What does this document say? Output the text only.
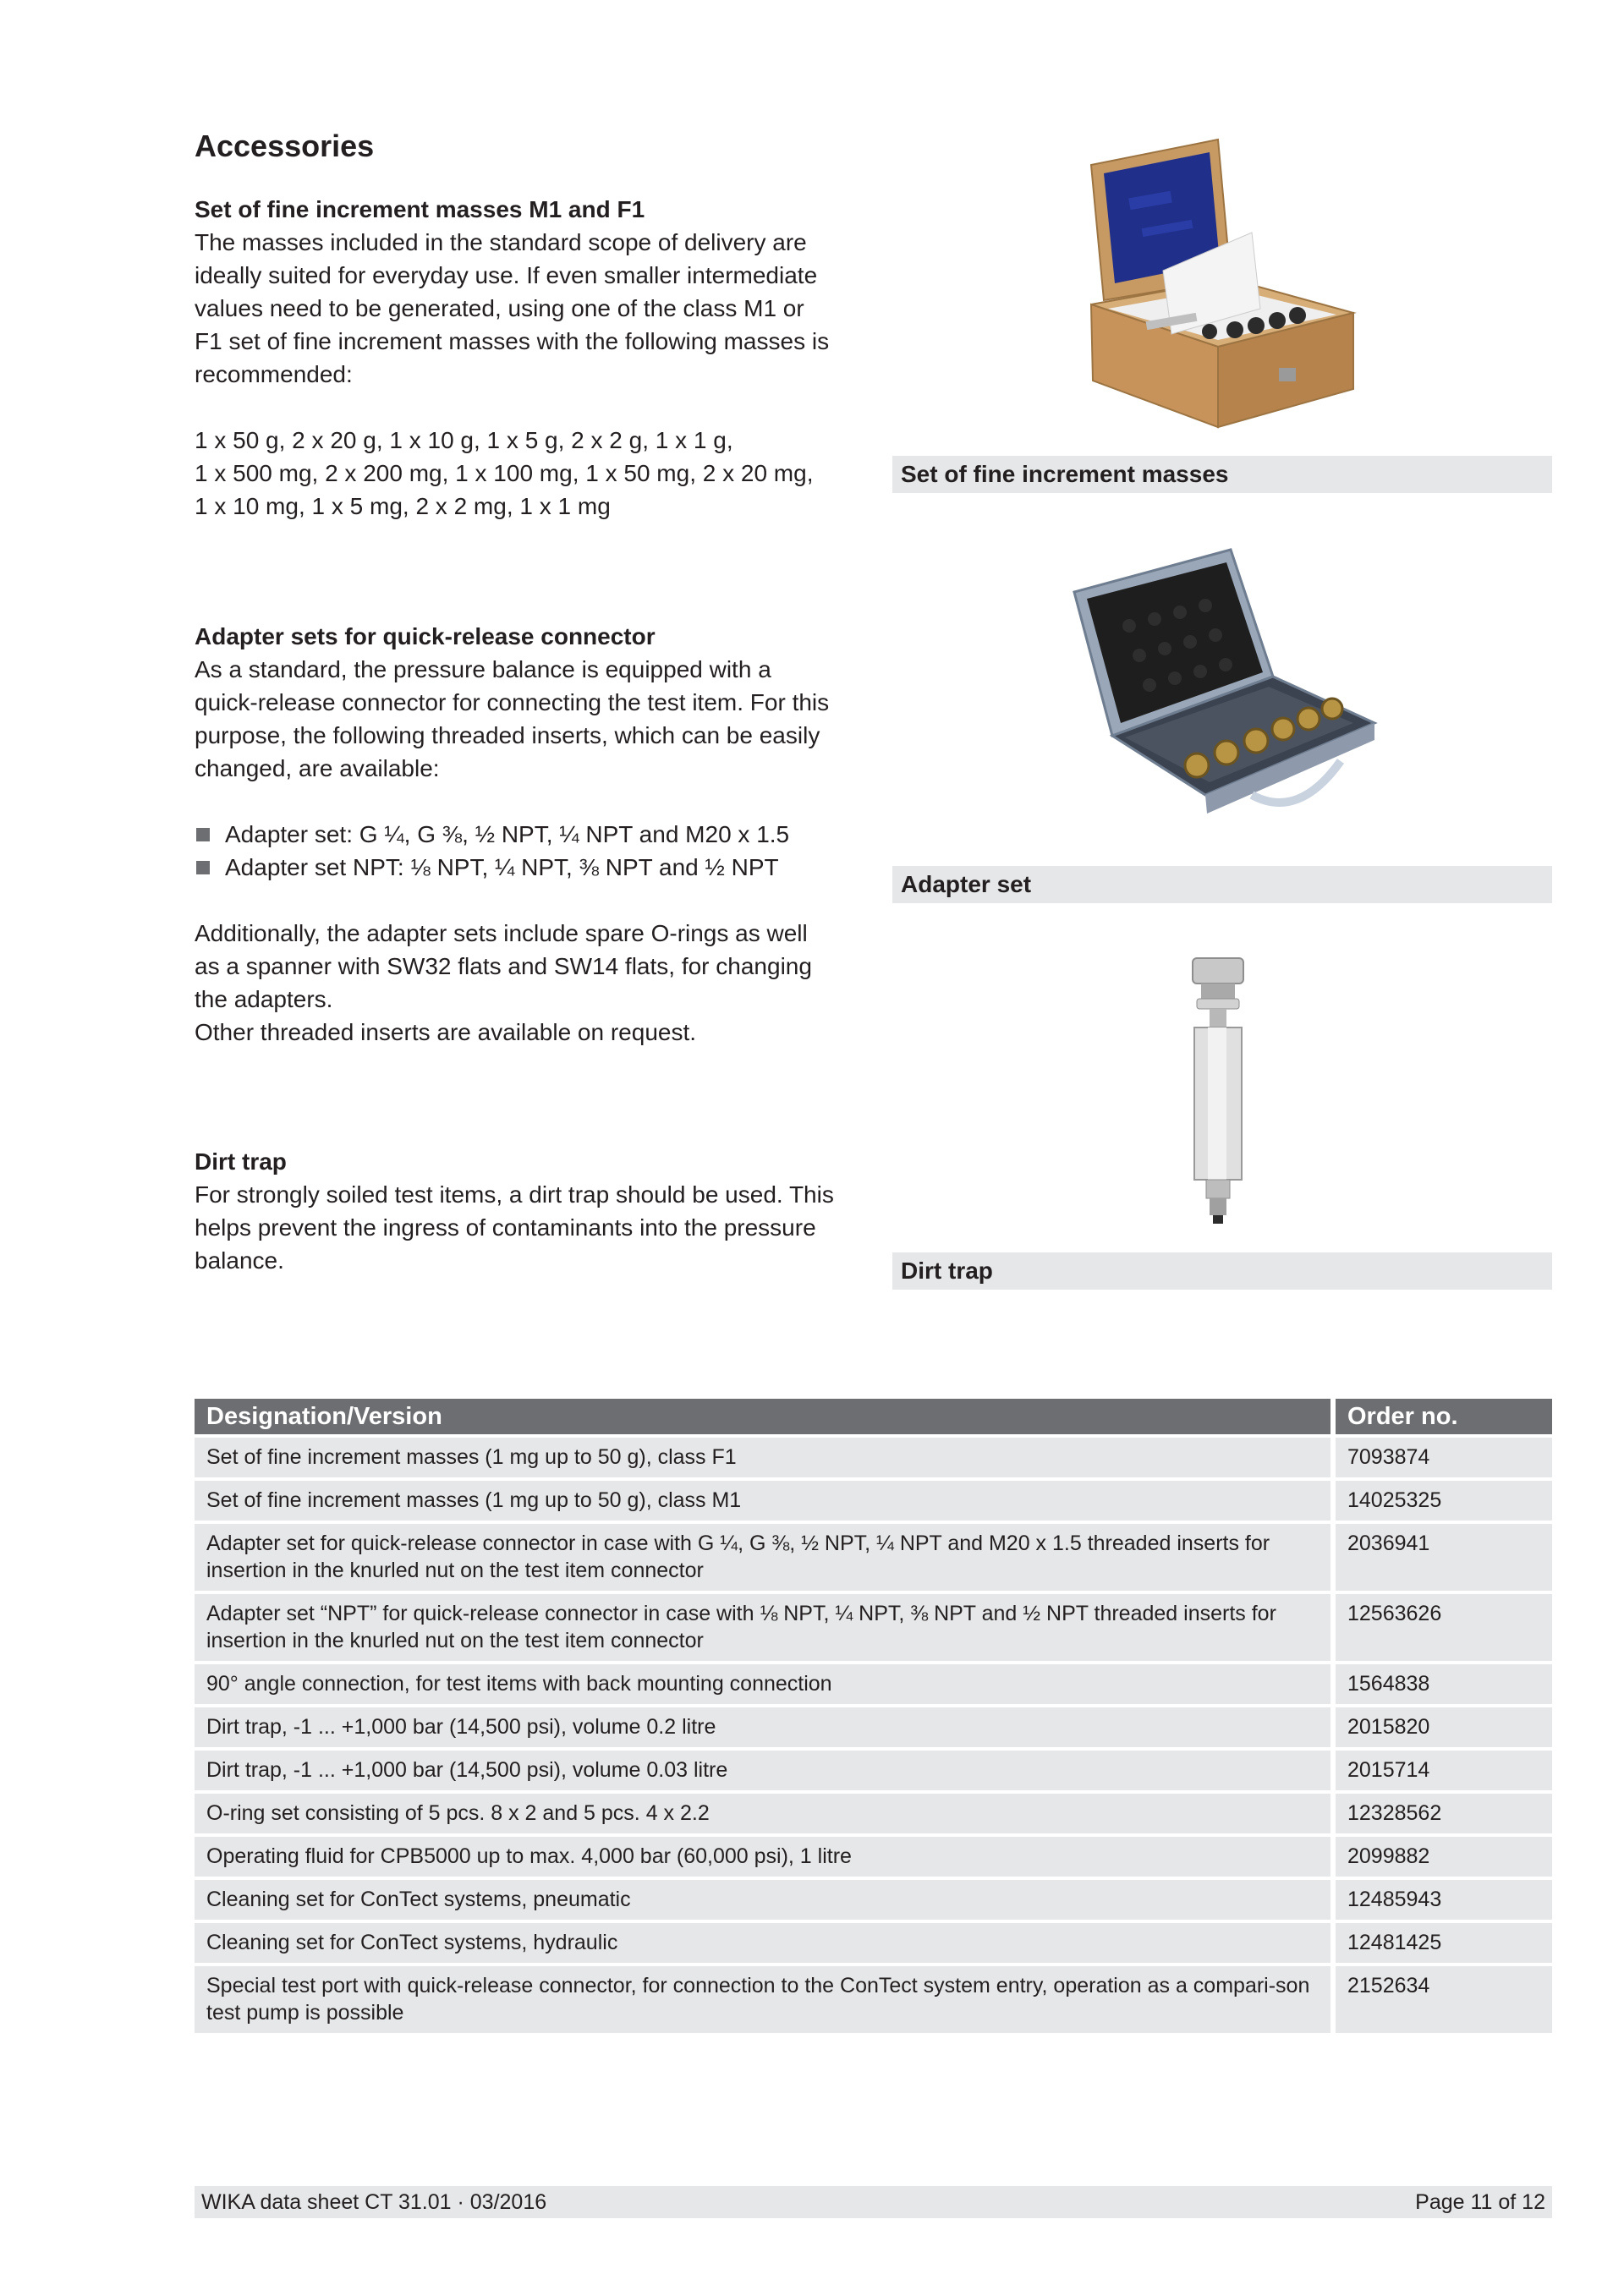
Accessories
Set of fine increment masses M1 and F1

The masses included in the standard scope of delivery are

ideally suited for everyday use. If even smaller intermediate

values need to be generated, using one of the class M1 or

F1 set of fine increment masses with the following masses is

recommended:

1 x 50 g, 2 x 20 g, 1 x 10 g, 1 x 5 g, 2 x 2 g, 1 x 1 g,

1 x 500 mg, 2 x 200 mg, 1 x 100 mg, 1 x 50 mg, 2 x 20 mg,

1 x 10 mg, 1 x 5 mg, 2 x 2 mg, 1 x 1 mg

Adapter sets for quick-release connector

As a standard, the pressure balance is equipped with a

quick-release connector for connecting the test item. For this

purpose, the following threaded inserts, which can be easily

changed, are available:

Adapter set: G ¼, G ⅜, ½ NPT, ¼ NPT and M20 x 1.5
Adapter set NPT: ⅛ NPT, ¼ NPT, ⅜ NPT and ½ NPT

Additionally, the adapter sets include spare O-rings as well

as a spanner with SW32 flats and SW14 flats, for changing

the adapters.

Other threaded inserts are available on request.

Dirt trap

For strongly soiled test items, a dirt trap should be used. This

helps prevent the ingress of contaminants into the pressure

balance.

Set of fine increment masses
Adapter set
Dirt trap
Designation/Version	Order no.
Set of fine increment masses (1 mg up to 50 g), class F1	7093874
Set of fine increment masses (1 mg up to 50 g), class M1	14025325
Adapter set for quick-release connector in case with G ¼, G ⅜, ½ NPT, ¼ NPT and M20 x 1.5 threaded inserts for insertion in the knurled nut on the test item connector	2036941
Adapter set “NPT” for quick-release connector in case with ⅛ NPT, ¼ NPT, ⅜ NPT and ½ NPT threaded inserts for insertion in the knurled nut on the test item connector	12563626
90° angle connection, for test items with back mounting connection	1564838
Dirt trap, -1 ... +1,000 bar (14,500 psi), volume 0.2 litre	2015820
Dirt trap, -1 ... +1,000 bar (14,500 psi), volume 0.03 litre	2015714
O-ring set consisting of 5 pcs. 8 x 2 and 5 pcs. 4 x 2.2	12328562
Operating fluid for CPB5000 up to max. 4,000 bar (60,000 psi), 1 litre	2099882
Cleaning set for ConTect systems, pneumatic	12485943
Cleaning set for ConTect systems, hydraulic	12481425
Special test port with quick-release connector, for connection to the ConTect system entry, operation as a compari-son test pump is possible	2152634
WIKA data sheet CT 31.01 · 03/2016	Page 11 of 12
